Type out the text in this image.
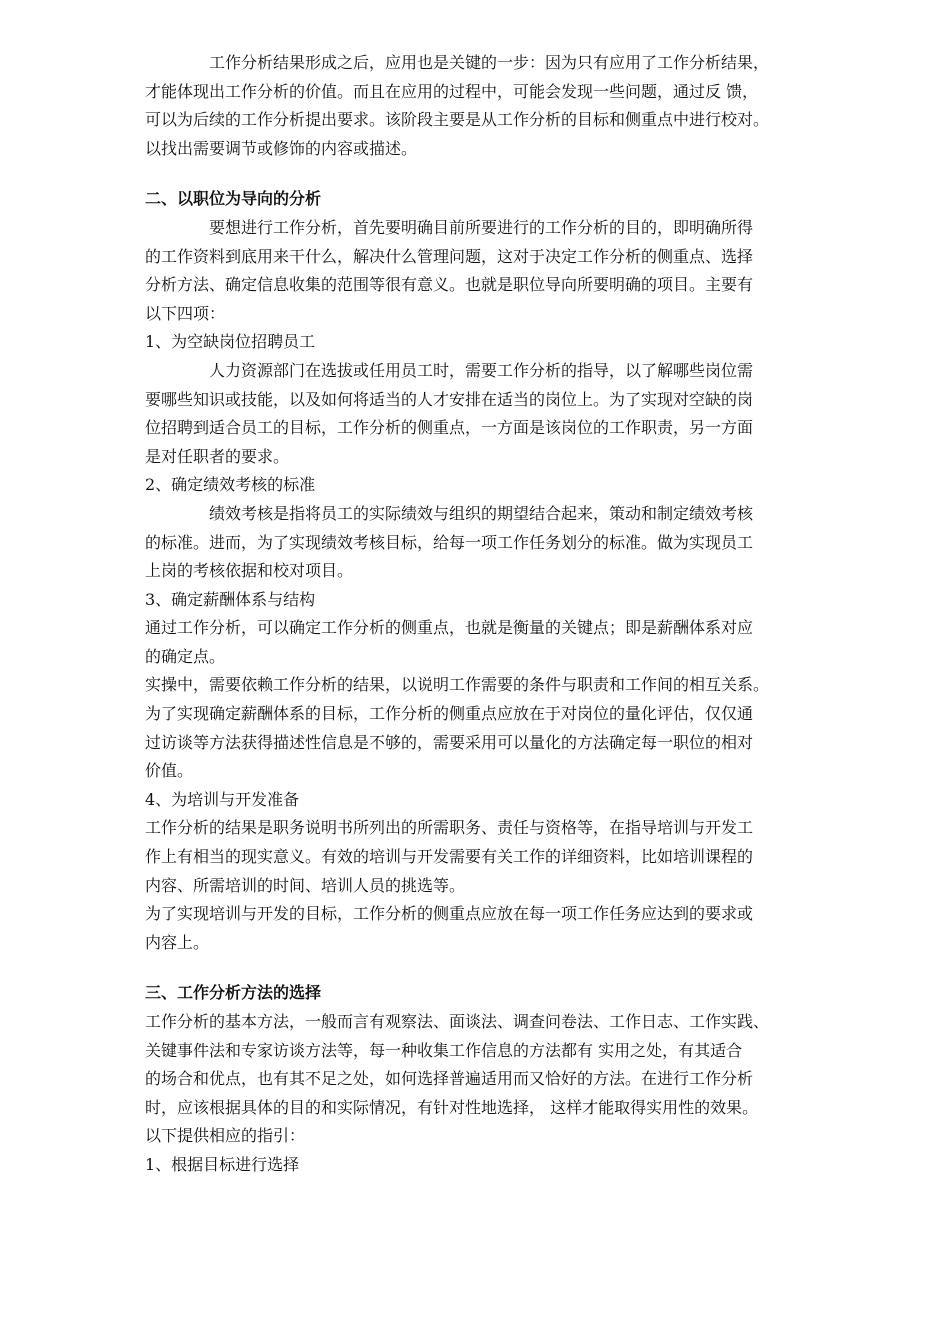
工作分析结果形成之后，应用也是关键的一步：因为只有应用了工作分析结果，
才能体现出工作分析的价值。而且在应用的过程中，可能会发现一些问题，通过反 馈，
可以为后续的工作分析提出要求。该阶段主要是从工作分析的目标和侧重点中进行校对。
以找出需要调节或修饰的内容或描述。
二、以职位为导向的分析
要想进行工作分析，首先要明确目前所要进行的工作分析的目的，即明确所得
的工作资料到底用来干什么，解决什么管理问题，这对于决定工作分析的侧重点、选择
分析方法、确定信息收集的范围等很有意义。也就是职位导向所要明确的项目。主要有
以下四项：
1、为空缺岗位招聘员工
人力资源部门在选拔或任用员工时，需要工作分析的指导，以了解哪些岗位需
要哪些知识或技能，以及如何将适当的人才安排在适当的岗位上。为了实现对空缺的岗
位招聘到适合员工的目标，工作分析的侧重点，一方面是该岗位的工作职责，另一方面
是对任职者的要求。
2、确定绩效考核的标准
绩效考核是指将员工的实际绩效与组织的期望结合起来，策动和制定绩效考核
的标准。进而，为了实现绩效考核目标，给每一项工作任务划分的标准。做为实现员工
上岗的考核依据和校对项目。
3、确定薪酬体系与结构
通过工作分析，可以确定工作分析的侧重点，也就是衡量的关键点；即是薪酬体系对应
的确定点。
实操中，需要依赖工作分析的结果，以说明工作需要的条件与职责和工作间的相互关系。
为了实现确定薪酬体系的目标，工作分析的侧重点应放在于对岗位的量化评估，仅仅通
过访谈等方法获得描述性信息是不够的，需要采用可以量化的方法确定每一职位的相对
价值。
4、为培训与开发准备
工作分析的结果是职务说明书所列出的所需职务、责任与资格等，在指导培训与开发工
作上有相当的现实意义。有效的培训与开发需要有关工作的详细资料，比如培训课程的
内容、所需培训的时间、培训人员的挑选等。
为了实现培训与开发的目标，工作分析的侧重点应放在每一项工作任务应达到的要求或
内容上。
三、工作分析方法的选择
工作分析的基本方法，一般而言有观察法、面谈法、调查问卷法、工作日志、工作实践、
关键事件法和专家访谈方法等，每一种收集工作信息的方法都有 实用之处，有其适合
的场合和优点，也有其不足之处，如何选择普遍适用而又恰好的方法。在进行工作分析
时，应该根据具体的目的和实际情况，有针对性地选择， 这样才能取得实用性的效果。
以下提供相应的指引：
1、根据目标进行选择
